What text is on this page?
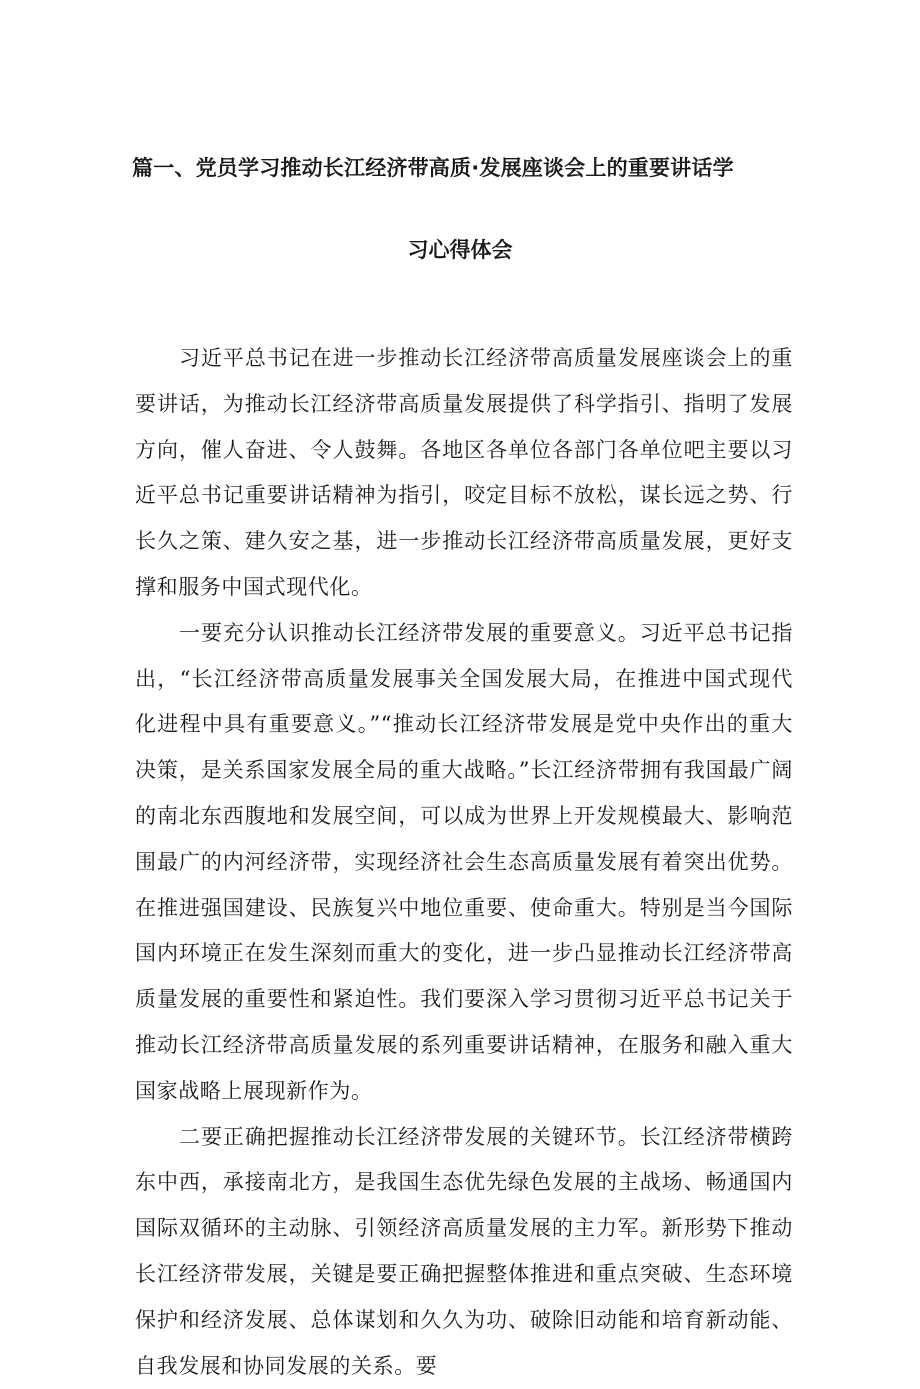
篇一、党员学习推动长江经济带高质·发展座谈会上的重要讲话学
习心得体会

习近平总书记在进一步推动长江经济带高质量发展座谈会上的重要讲话，为推动长江经济带高质量发展提供了科学指引、指明了发展方向，催人奋进、令人鼓舞。各地区各单位各部门各单位吧主要以习近平总书记重要讲话精神为指引，咬定目标不放松，谋长远之势、行长久之策、建久安之基，进一步推动长江经济带高质量发展，更好支撑和服务中国式现代化。

一要充分认识推动长江经济带发展的重要意义。习近平总书记指出，“长江经济带高质量发展事关全国发展大局，在推进中国式现代化进程中具有重要意义。”“推动长江经济带发展是党中央作出的重大决策，是关系国家发展全局的重大战略。”长江经济带拥有我国最广阔的南北东西腹地和发展空间，可以成为世界上开发规模最大、影响范围最广的内河经济带，实现经济社会生态高质量发展有着突出优势。在推进强国建设、民族复兴中地位重要、使命重大。特别是当今国际国内环境正在发生深刻而重大的变化，进一步凸显推动长江经济带高质量发展的重要性和紧迫性。我们要深入学习贯彻习近平总书记关于推动长江经济带高质量发展的系列重要讲话精神，在服务和融入重大国家战略上展现新作为。

二要正确把握推动长江经济带发展的关键环节。长江经济带横跨东中西，承接南北方，是我国生态优先绿色发展的主战场、畅通国内国际双循环的主动脉、引领经济高质量发展的主力军。新形势下推动长江经济带发展，关键是要正确把握整体推进和重点突破、生态环境保护和经济发展、总体谋划和久久为功、破除旧动能和培育新动能、自我发展和协同发展的关系。要
